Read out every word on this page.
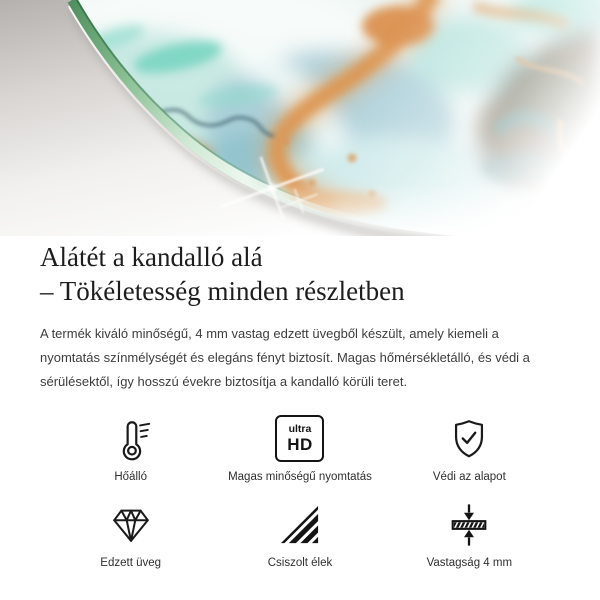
Alátét a kandalló alá
– Tökéletesség minden részletben

A termék kiváló minőségű, 4 mm vastag edzett üvegből készült, amely kiemeli a nyomtatás színmélységét és elegáns fényt biztosít. Magas hőmérsékletálló, és védi a sérülésektől, így hosszú évekre biztosítja a kandalló körüli teret.

Hőálló
ultra
HD
Magas minőségű nyomtatás	Védi az alapot
Edzett üveg	Csiszolt élek	Vastagság 4 mm
